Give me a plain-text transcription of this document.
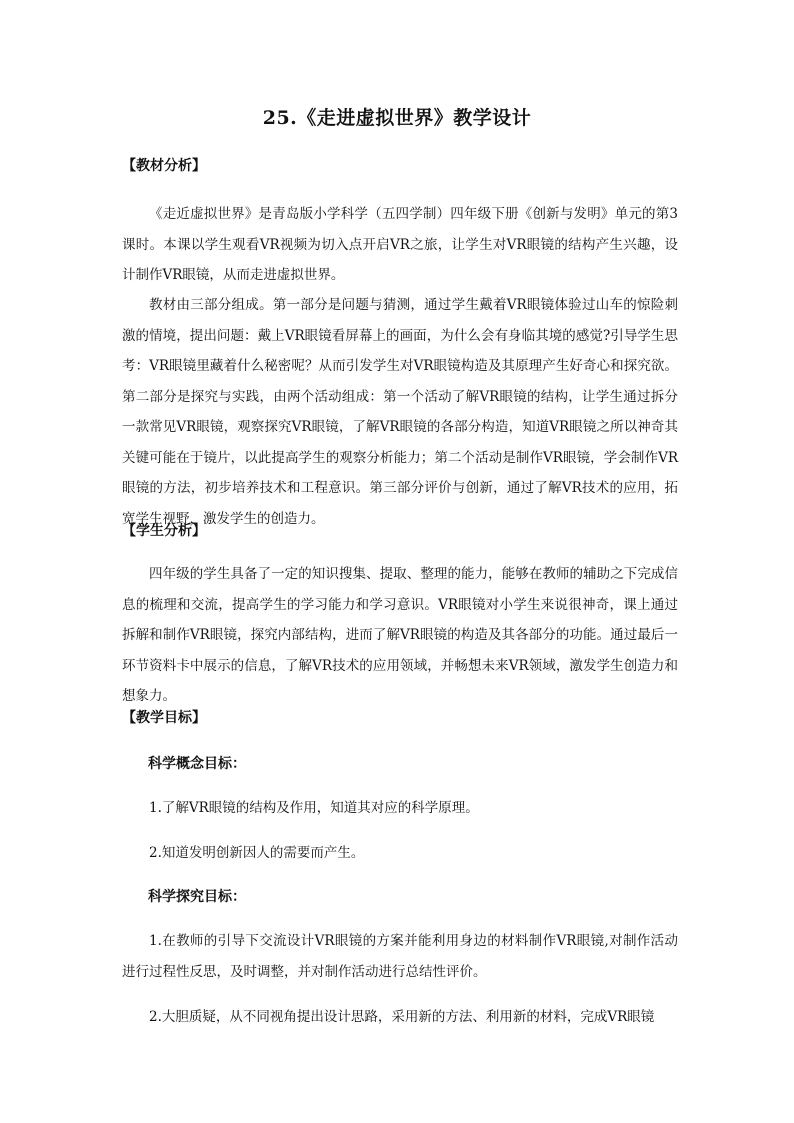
25.《走进虚拟世界》教学设计
【教材分析】

《走近虚拟世界》是青岛版小学科学（五四学制）四年级下册《创新与发明》单元的第3课时。本课以学生观看VR视频为切入点开启VR之旅，让学生对VR眼镜的结构产生兴趣，设计制作VR眼镜，从而走进虚拟世界。

教材由三部分组成。第一部分是问题与猜测，通过学生戴着VR眼镜体验过山车的惊险刺激的情境，提出问题：戴上VR眼镜看屏幕上的画面，为什么会有身临其境的感觉?引导学生思考：VR眼镜里藏着什么秘密呢？从而引发学生对VR眼镜构造及其原理产生好奇心和探究欲。第二部分是探究与实践，由两个活动组成：第一个活动了解VR眼镜的结构，让学生通过拆分一款常见VR眼镜，观察探究VR眼镜，了解VR眼镜的各部分构造，知道VR眼镜之所以神奇其关键可能在于镜片，以此提高学生的观察分析能力；第二个活动是制作VR眼镜，学会制作VR眼镜的方法，初步培养技术和工程意识。第三部分评价与创新，通过了解VR技术的应用，拓宽学生视野，激发学生的创造力。

【学生分析】

四年级的学生具备了一定的知识搜集、提取、整理的能力，能够在教师的辅助之下完成信息的梳理和交流，提高学生的学习能力和学习意识。VR眼镜对小学生来说很神奇，课上通过拆解和制作VR眼镜，探究内部结构，进而了解VR眼镜的构造及其各部分的功能。通过最后一环节资料卡中展示的信息，了解VR技术的应用领域，并畅想未来VR领域，激发学生创造力和想象力。

【教学目标】
科学概念目标：

1.了解VR眼镜的结构及作用，知道其对应的科学原理。

2.知道发明创新因人的需要而产生。

科学探究目标：

1.在教师的引导下交流设计VR眼镜的方案并能利用身边的材料制作VR眼镜,对制作活动进行过程性反思，及时调整，并对制作活动进行总结性评价。

2.大胆质疑，从不同视角提出设计思路，采用新的方法、利用新的材料，完成VR眼镜
